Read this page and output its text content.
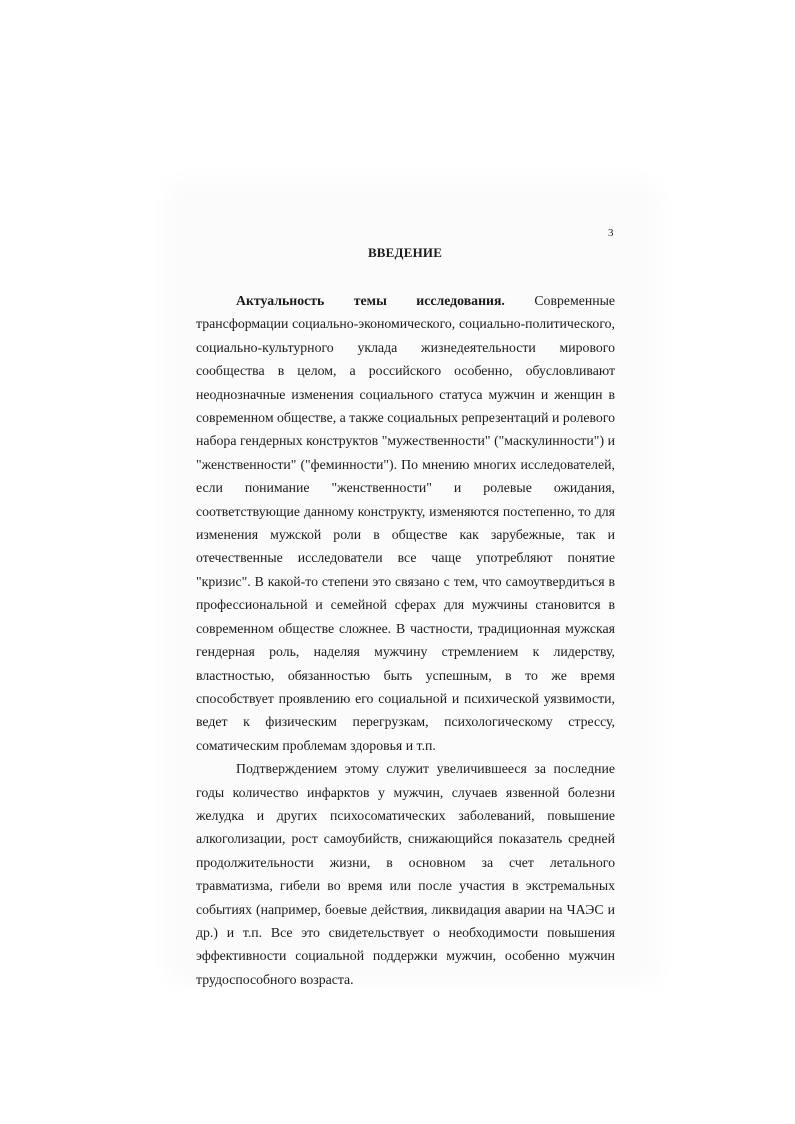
3
ВВЕДЕНИЕ

Актуальность темы исследования. Современные трансформации социально-экономического, социально-политического, социально-культурного уклада жизнедеятельности мирового сообщества в целом, а российского особенно, обусловливают неоднозначные изменения социального статуса мужчин и женщин в современном обществе, а также социальных репрезентаций и ролевого набора гендерных конструктов "мужественности" ("маскулинности") и "женственности" ("феминности"). По мнению многих исследователей, если понимание "женственности" и ролевые ожидания, соответствующие данному конструкту, изменяются постепенно, то для изменения мужской роли в обществе как зарубежные, так и отечественные исследователи все чаще употребляют понятие "кризис". В какой-то степени это связано с тем, что самоутвердиться в профессиональной и семейной сферах для мужчины становится в современном обществе сложнее. В частности, традиционная мужская гендерная роль, наделяя мужчину стремлением к лидерству, властностью, обязанностью быть успешным, в то же время способствует проявлению его социальной и психической уязвимости, ведет к физическим перегрузкам, психологическому стрессу, соматическим проблемам здоровья и т.п.

Подтверждением этому служит увеличившееся за последние годы количество инфарктов у мужчин, случаев язвенной болезни желудка и других психосоматических заболеваний, повышение алкоголизации, рост самоубийств, снижающийся показатель средней продолжительности жизни, в основном за счет летального травматизма, гибели во время или после участия в экстремальных событиях (например, боевые действия, ликвидация аварии на ЧАЭС и др.) и т.п. Все это свидетельствует о необходимости повышения эффективности социальной поддержки мужчин, особенно мужчин трудоспособного возраста.
